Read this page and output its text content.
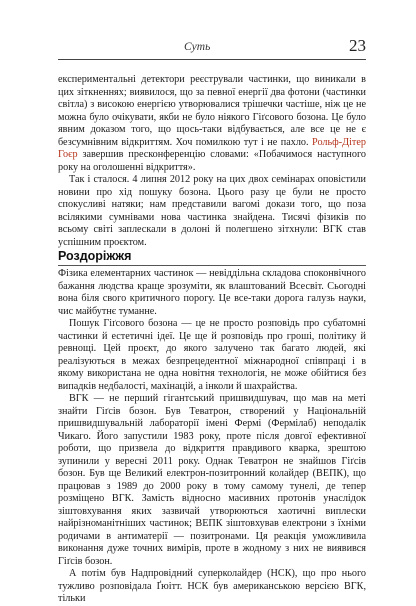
Суть	23

експериментальні детектори реєстрували частинки, що виникали в цих зіткненнях; виявилося, що за певної енергії два фотони (частинки світла) з високою енергією утворювалися трішечки частіше, ніж це не можна було очікувати, якби не було ніякого Гіґсового бозона. Це було явним доказом того, що щось-таки відбувається, але все це не є безсумнівним відкриттям. Хоч помилкою тут і не пахло. Рольф-Дітер Гоєр завершив пресконференцію словами: «Побачимося наступного року на оголошенні відкриття».

Так і сталося. 4 липня 2012 року на цих двох семінарах оповістили новини про хід пошуку бозона. Цього разу це були не просто спокусливі натяки; нам представили вагомі докази того, що поза всілякими сумнівами нова частинка знайдена. Тисячі фізиків по всьому світі заплескали в долоні й полегшено зітхнули: ВГК став успішним проєктом.

Роздоріжжя

Фізика елементарних частинок — невіддільна складова споконвічного бажання людства краще зрозуміти, як влаштований Всесвіт. Сьогодні вона біля свого критичного порогу. Це все-таки дорога галузь науки, чис майбутнє туманне.

Пошук Гіґсового бозона — це не просто розповідь про субатомні частинки й естетичні ідеї. Це ще й розповідь про гроші, політику й ревнощі. Цей проєкт, до якого залучено так багато людей, які реалізуються в межах безпрецедентної міжнародної співпраці і в якому використана не одна новітня технологія, не може обійтися без випадків недбалості, махінацій, а інколи й шахрайства.

ВГК — не перший гігантський пришвидшувач, що мав на меті знайти Гіґсів бозон. Був Теватрон, створений у Національній пришвидшувальній лабораторії імені Фермі (Фермілаб) неподалік Чикаго. Його запустили 1983 року, проте після довгої ефективної роботи, що призвела до відкриття правдивого кварка, зрештою зупинили у вересні 2011 року. Однак Теватрон не знайшов Гіґсів бозон. Був ще Великий електрон-позитронний колайдер (ВЕПК), що працював з 1989 до 2000 року в тому самому тунелі, де тепер розміщено ВГК. Замість відносно масивних протонів унаслідок зіштовхування яких зазвичай утворюються хаотичні виплески найрізноманітніших частинок; ВЕПК зіштовхував електрони з їхніми родичами в антиматерії — позитронами. Ця реакція уможливила виконання дуже точних вимірів, проте в жодному з них не виявився Гіґсів бозон.

А потім був Надпровідний суперколайдер (НСК), що про нього тужливо розповідала Ґюітт. НСК був американською версією ВГК, тільки
